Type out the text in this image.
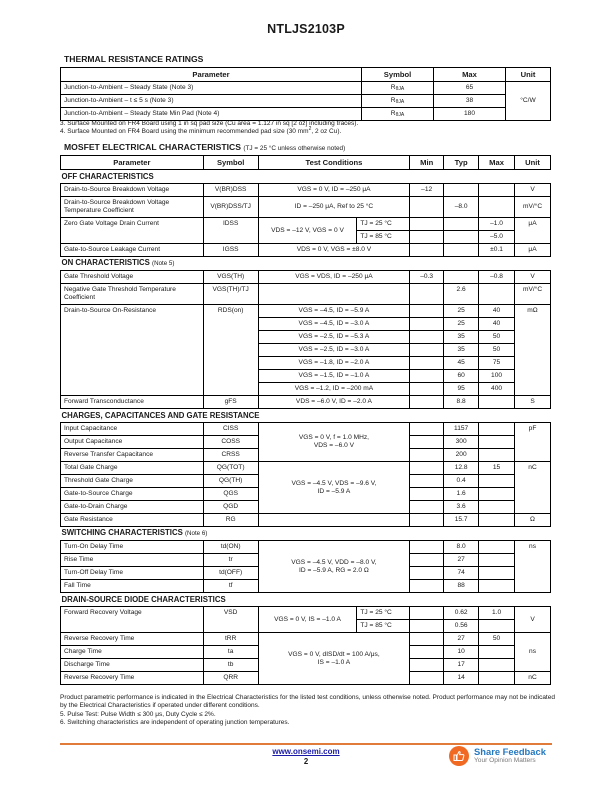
NTLJS2103P
THERMAL RESISTANCE RATINGS
Parameter	Symbol	Max	Unit
Junction-to-Ambient – Steady State (Note 3)	$R_{\theta JA}$	65	°C/W
Junction-to-Ambient – t ≤ 5 s (Note 3)	$R_{\theta JA}$	38	
Junction-to-Ambient – Steady State Min Pad (Note 4)	$R_{\theta JA}$	180	
3. Surface Mounted on FR4 Board using 1 in sq pad size (Cu area = 1.127 in sq [2 oz] including traces).
4. Surface Mounted on FR4 Board using the minimum recommended pad size (30 $mm^2$, 2 oz Cu).
MOSFET ELECTRICAL CHARACTERISTICS (TJ = 25 °C unless otherwise noted)
Parameter	Symbol	Test Conditions		Min	Typ	Max	Unit
OFF CHARACTERISTICS							
Drain-to-Source Breakdown Voltage	V(BR)DSS	VGS = 0 V, ID = –250 μA		–12			V
Drain-to-Source Breakdown Voltage Temperature Coefficient	V(BR)DSS/TJ	ID = –250 μA, Ref to 25 °C			–8.0		mV/°C
Zero Gate Voltage Drain Current	IDSS	VDS = –12 V, VGS = 0 V	TJ = 25 °C			–1.0	μA
			TJ = 85 °C			–5.0	
Gate-to-Source Leakage Current	IGSS	VDS = 0 V, VGS = ±8.0 V				±0.1	μA
ON CHARACTERISTICS (Note 5)							
Gate Threshold Voltage	VGS(TH)	VGS = VDS, ID = –250 μA		–0.3		–0.8	V
Negative Gate Threshold Temperature Coefficient	VGS(TH)/TJ				2.6		mV/°C
Drain-to-Source On-Resistance	RDS(on)	VGS = –4.5, ID = –5.9 A			25	40	mΩ
		VGS = –4.5, ID = –3.0 A			25	40	
		VGS = –2.5, ID = –5.3 A			35	50	
		VGS = –2.5, ID = –3.0 A			35	50	
		VGS = –1.8, ID = –2.0 A			45	75	
		VGS = –1.5, ID = –1.0 A			60	100	
		VGS = –1.2, ID = –200 mA			95	400	
Forward Transconductance	gFS	VDS = –6.0 V, ID = –2.0 A			8.8		S
CHARGES, CAPACITANCES AND GATE RESISTANCE							
Input Capacitance	CISS	VGS = 0 V, f = 1.0 MHz,
VDS = –6.0 V			1157		pF
Output Capacitance	COSS				300		
Reverse Transfer Capacitance	CRSS				200		
Total Gate Charge	QG(TOT)	VGS = –4.5 V, VDS = –9.6 V,
ID = –5.9 A			12.8	15	nC
Threshold Gate Charge	QG(TH)				0.4		
Gate-to-Source Charge	QGS				1.6		
Gate-to-Drain Charge	QGD				3.6		
Gate Resistance	RG				15.7		Ω
SWITCHING CHARACTERISTICS (Note 6)							
Turn-On Delay Time	td(ON)	VGS = –4.5 V, VDD = –8.0 V,
ID = –5.9 A, RG = 2.0 Ω			8.0		ns
Rise Time	tr				27		
Turn-Off Delay Time	td(OFF)				74		
Fall Time	tf				88		
DRAIN-SOURCE DIODE CHARACTERISTICS							
Forward Recovery Voltage	VSD	VGS = 0 V, IS = –1.0 A	TJ = 25 °C		0.62	1.0	V
			TJ = 85 °C		0.56		
Reverse Recovery Time	tRR	VGS = 0 V, dISD/dt = 100 A/μs,
IS = –1.0 A			27	50	ns
Charge Time	ta				10		
Discharge Time	tb				17		
Reverse Recovery Time	QRR				14		nC
Product parametric performance is indicated in the Electrical Characteristics for the listed test conditions, unless otherwise noted. Product performance may not be indicated by the Electrical Characteristics if operated under different conditions.
5. Pulse Test: Pulse Width ≤ 300 μs, Duty Cycle ≤ 2%.
6. Switching characteristics are independent of operating junction temperatures.
www.onsemi.com
2
Share Feedback
Your Opinion Matters
